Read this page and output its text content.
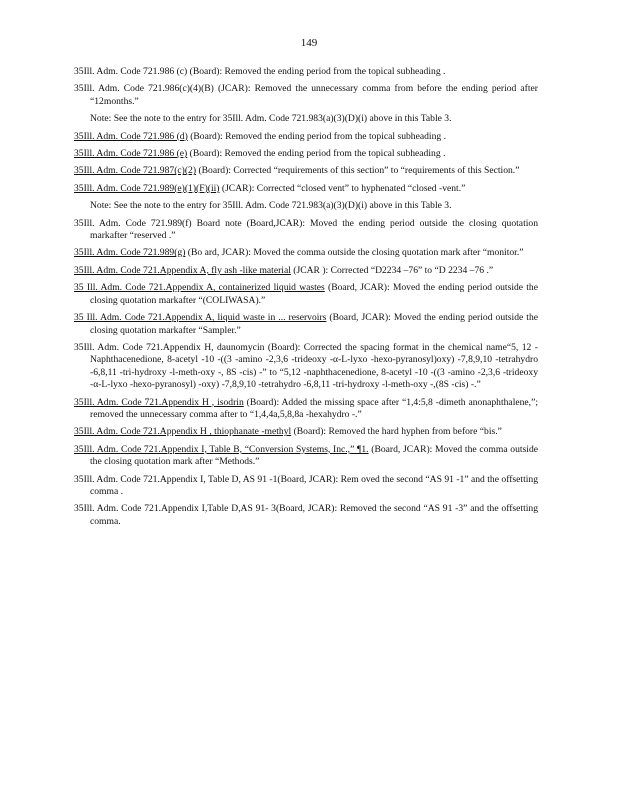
149
35Ill. Adm. Code 721.986 (c) (Board): Removed the ending period from the topical subheading .
35Ill. Adm. Code 721.986(c)(4)(B) (JCAR): Removed the unnecessary comma from before the ending period after “12months.”
Note: See the note to the entry for 35Ill. Adm. Code 721.983(a)(3)(D)(i) above in this Table 3.
35Ill. Adm. Code 721.986 (d) (Board): Removed the ending period from the topical subheading .
35Ill. Adm. Code 721.986 (e) (Board): Removed the ending period from the topical subheading .
35Ill. Adm. Code 721.987(c)(2) (Board): Corrected “requirements of this section” to “requirements of this Section.”
35Ill. Adm. Code 721.989(e)(1)(F)(ii) (JCAR): Corrected “closed vent” to hyphenated “closed -vent.”
Note: See the note to the entry for 35Ill. Adm. Code 721.983(a)(3)(D)(i) above in this Table 3.
35Ill. Adm. Code 721.989(f) Board note (Board,JCAR): Moved the ending period outside the closing quotation markafter “reserved .”
35Ill. Adm. Code 721.989(g) (Bo ard, JCAR): Moved the comma outside the closing quotation mark after “monitor.”
35Ill. Adm. Code 721.Appendix A, fly ash -like material (JCAR ): Corrected “D2234 –76” to “D 2234 –76 .”
35 Ill. Adm. Code 721.Appendix A, containerized liquid wastes (Board, JCAR): Moved the ending period outside the closing quotation markafter “(COLIWASA).”
35 Ill. Adm. Code 721.Appendix A, liquid waste in ... reservoirs (Board, JCAR): Moved the ending period outside the closing quotation markafter “Sampler.”
35Ill. Adm. Code 721.Appendix H, daunomycin (Board): Corrected the spacing format in the chemical name“5, 12 - Naphthacenedione, 8-acetyl -10 -((3 -amino -2,3,6 -trideoxy -α-L-lyxo -hexo-pyranosyl)oxy) -7,8,9,10 -tetrahydro -6,8,11 -tri-hydroxy -l-meth-oxy -, 8S -cis) -” to “5,12 -naphthacenedione, 8-acetyl -10 -((3 -amino -2,3,6 -trideoxy -α-L-lyxo -hexo-pyranosyl) -oxy) -7,8,9,10 -tetrahydro -6,8,11 -tri-hydroxy -l-meth-oxy -,(8S -cis) -.”
35Ill. Adm. Code 721.Appendix H , isodrin (Board): Added the missing space after “1,4:5,8 -dimeth anonaphthalene,”; removed the unnecessary comma after to “1,4,4a,5,8,8a -hexahydro -.”
35Ill. Adm. Code 721.Appendix H , thiophanate -methyl (Board): Removed the hard hyphen from before “bis.”
35Ill. Adm. Code 721.Appendix I, Table B, “Conversion Systems, Inc.,” ¶1. (Board, JCAR): Moved the comma outside the closing quotation mark after “Methods.”
35Ill. Adm. Code 721.Appendix I, Table D, AS 91 -1(Board, JCAR): Rem oved the second “AS 91 -1” and the offsetting comma .
35Ill. Adm. Code 721.Appendix I,Table D,AS 91- 3(Board, JCAR): Removed the second “AS 91 -3” and the offsetting comma.
